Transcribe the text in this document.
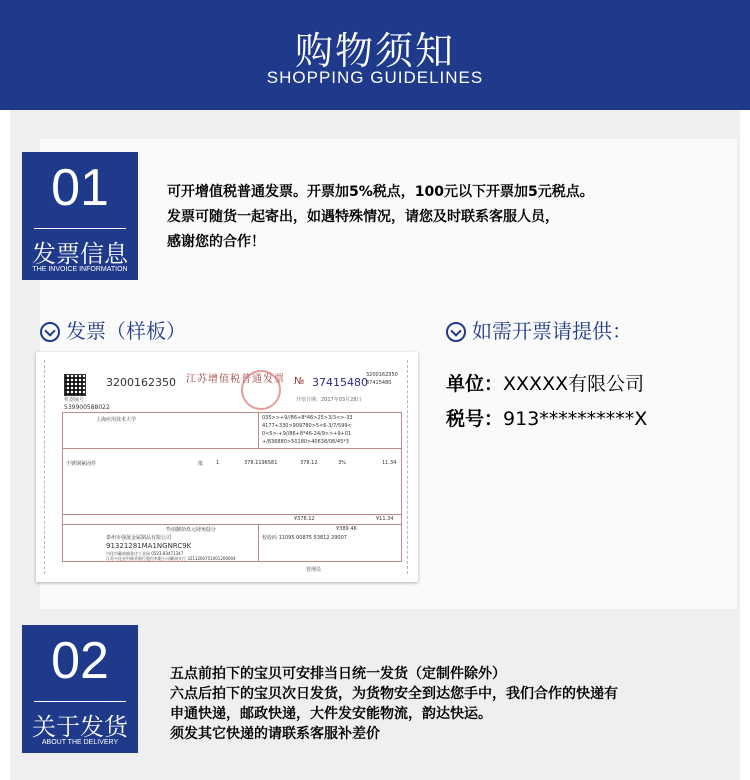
购物须知
SHOPPING GUIDELINES
01
发票信息
THE INVOICE INFORMATION
可开增值税普通发票。开票加5%税点，100元以下开票加5元税点。
发票可随货一起寄出，如遇特殊情况，请您及时联系客服人员，
感谢您的合作！
发票（样板）	如需开票请提供：
单位：XXXXX有限公司
税号：913**********X
3200162350 江苏增值税普通发票 № 37415480
3200162350
37415480
开票日期：2017年03月28日
机器编号：
539900588022
上海应用技术大学	035>>+9//86+8*46>25>3/3<>-33
4177+330>909780>5<6-3/7/599<
0<5>-+9//86+8*46-24/9>>+9+01
+/836880>50180>40638/08/45*3
不锈钢紧固件	批	1	378.1196581	378.12	3%	11.34
¥378.12	¥11.34
叁佰捌拾玖元肆角陆分	¥389.46
泰州市强晟金属制品有限公司
91321281MA1NGNRC9K
兴化市戴南镇张庄工业园 0523-83471347
江苏兴化农村商业银行股份有限公司戴南支行 3211260751001200004
校验码 11095 00875 53812 29007
管理员
02
关于发货
ABOUT THE DELIVERY
五点前拍下的宝贝可安排当日统一发货（定制件除外）
六点后拍下的宝贝次日发货，为货物安全到达您手中，我们合作的快递有
申通快递，邮政快递，大件发安能物流，韵达快运。
须发其它快递的请联系客服补差价
